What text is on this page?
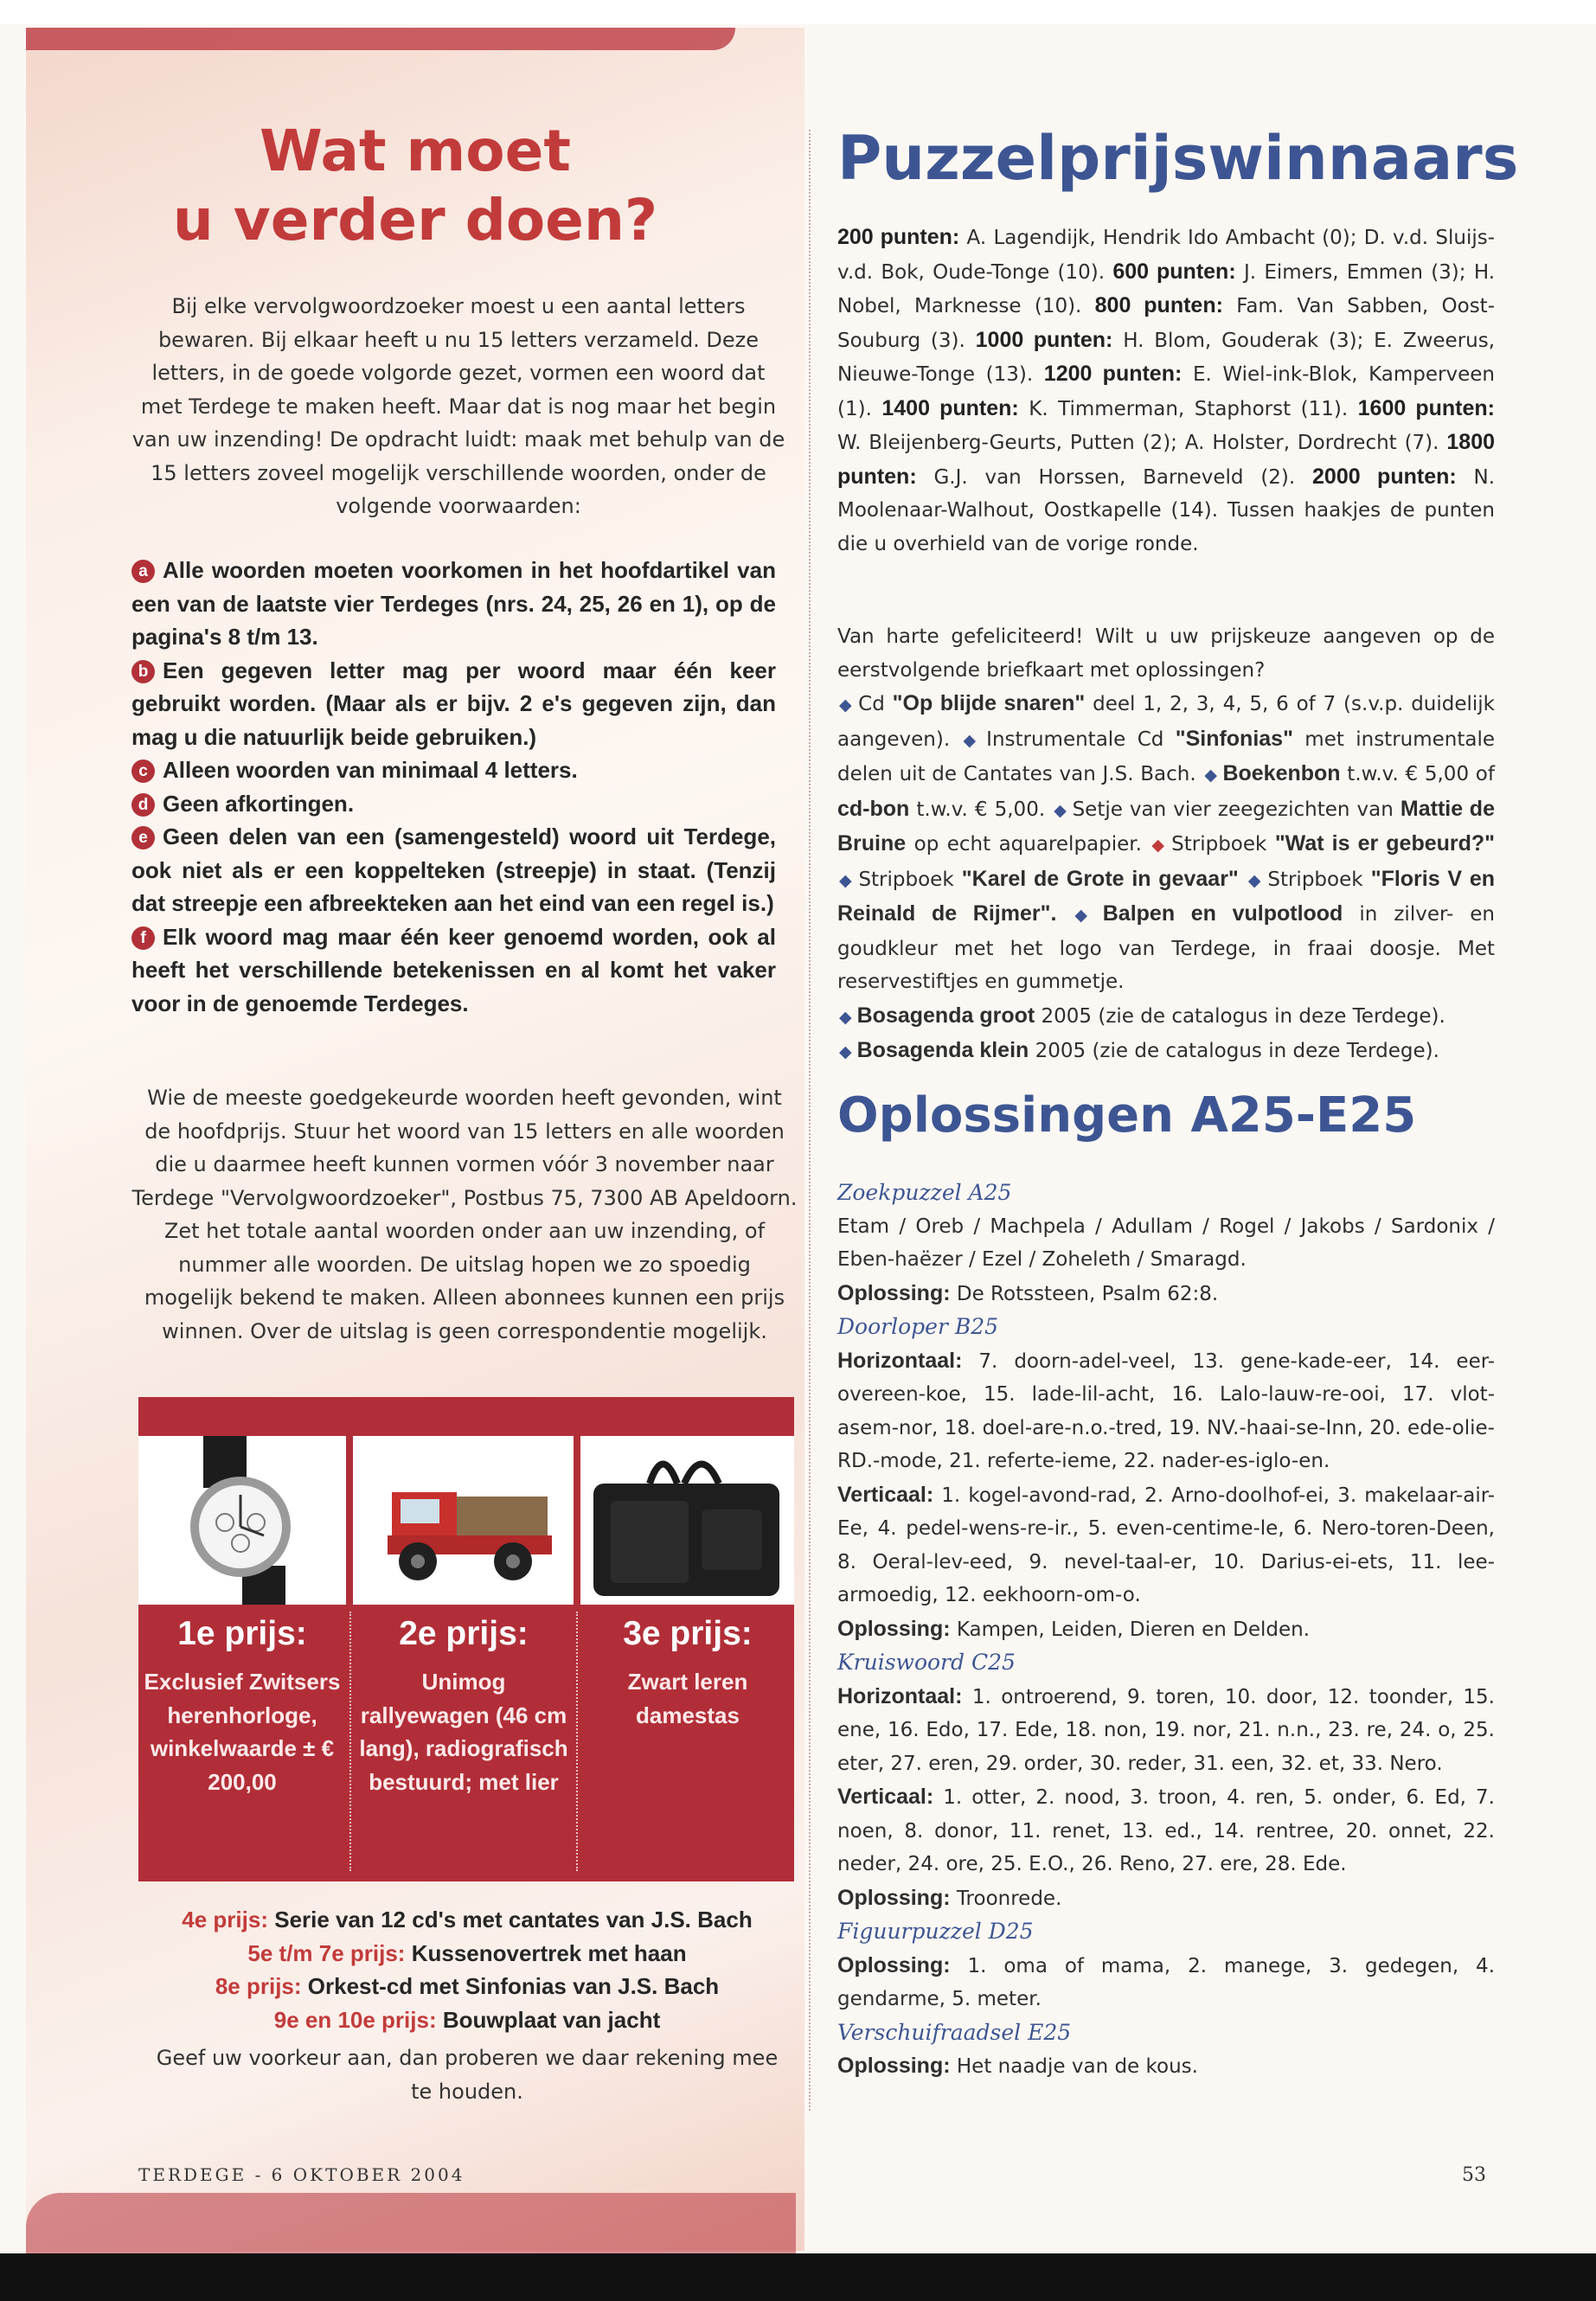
Wat moet
u verder doen?
Bij elke vervolgwoordzoeker moest u een aantal letters bewaren. Bij elkaar heeft u nu 15 letters verzameld. Deze letters, in de goede volgorde gezet, vormen een woord dat met Terdege te maken heeft. Maar dat is nog maar het begin van uw inzending! De opdracht luidt: maak met behulp van de 15 letters zoveel mogelijk verschillende woorden, onder de volgende voorwaarden:

a Alle woorden moeten voorkomen in het hoofdartikel van een van de laatste vier Terdeges (nrs. 24, 25, 26 en 1), op de pagina's 8 t/m 13.

b Een gegeven letter mag per woord maar één keer gebruikt worden. (Maar als er bijv. 2 e's gegeven zijn, dan mag u die natuurlijk beide gebruiken.)

c Alleen woorden van minimaal 4 letters.

d Geen afkortingen.

e Geen delen van een (samengesteld) woord uit Terdege, ook niet als er een koppelteken (streepje) in staat. (Tenzij dat streepje een afbreekteken aan het eind van een regel is.)

f Elk woord mag maar één keer genoemd worden, ook al heeft het verschillende betekenissen en al komt het vaker voor in de genoemde Terdeges.

Wie de meeste goedgekeurde woorden heeft gevonden, wint de hoofdprijs. Stuur het woord van 15 letters en alle woorden die u daarmee heeft kunnen vormen vóór 3 november naar Terdege "Vervolgwoordzoeker", Postbus 75, 7300 AB Apeldoorn. Zet het totale aantal woorden onder aan uw inzending, of nummer alle woorden. De uitslag hopen we zo spoedig mogelijk bekend te maken. Alleen abonnees kunnen een prijs winnen. Over de uitslag is geen correspondentie mogelijk.
1e prijs:
Exclusief Zwitsers herenhorloge, winkelwaarde ± € 200,00
2e prijs:
Unimog rallyewagen (46 cm lang), radiografisch bestuurd; met lier
3e prijs:
Zwart leren damestas
4e prijs: Serie van 12 cd's met cantates van J.S. Bach
5e t/m 7e prijs: Kussenovertrek met haan
8e prijs: Orkest-cd met Sinfonias van J.S. Bach
9e en 10e prijs: Bouwplaat van jacht
Geef uw voorkeur aan, dan proberen we daar rekening mee te houden.
Puzzelprijswinnaars
200 punten: A. Lagendijk, Hendrik Ido Ambacht (0); D. v.d. Sluijs-v.d. Bok, Oude-Tonge (10). 600 punten: J. Eimers, Emmen (3); H. Nobel, Marknesse (10). 800 punten: Fam. Van Sabben, Oost-Souburg (3). 1000 punten: H. Blom, Gouderak (3); E. Zweerus, Nieuwe-Tonge (13). 1200 punten: E. Wiel-ink-Blok, Kamperveen (1). 1400 punten: K. Timmerman, Staphorst (11). 1600 punten: W. Bleijenberg-Geurts, Putten (2); A. Holster, Dordrecht (7). 1800 punten: G.J. van Horssen, Barneveld (2). 2000 punten: N. Moolenaar-Walhout, Oostkapelle (14). Tussen haakjes de punten die u overhield van de vorige ronde.

Van harte gefeliciteerd! Wilt u uw prijskeuze aangeven op de eerstvolgende briefkaart met oplossingen?

◆ Cd "Op blijde snaren" deel 1, 2, 3, 4, 5, 6 of 7 (s.v.p. duidelijk aangeven). ◆ Instrumentale Cd "Sinfonias" met instrumentale delen uit de Cantates van J.S. Bach. ◆ Boekenbon t.w.v. € 5,00 of cd-bon t.w.v. € 5,00. ◆ Setje van vier zeegezichten van Mattie de Bruine op echt aquarelpapier. ◆ Stripboek "Wat is er gebeurd?" ◆ Stripboek "Karel de Grote in gevaar" ◆ Stripboek "Floris V en Reinald de Rijmer". ◆ Balpen en vulpotlood in zilver- en goudkleur met het logo van Terdege, in fraai doosje. Met reservestiftjes en gummetje.

◆ Bosagenda groot 2005 (zie de catalogus in deze Terdege).

◆ Bosagenda klein 2005 (zie de catalogus in deze Terdege).

Oplossingen A25-E25

Zoekpuzzel A25

Etam / Oreb / Machpela / Adullam / Rogel / Jakobs / Sardonix / Eben-haëzer / Ezel / Zoheleth / Smaragd.

Oplossing: De Rotssteen, Psalm 62:8.

Doorloper B25

Horizontaal: 7. doorn-adel-veel, 13. gene-kade-eer, 14. eer-overeen-koe, 15. lade-lil-acht, 16. Lalo-lauw-re-ooi, 17. vlot-asem-nor, 18. doel-are-n.o.-tred, 19. NV.-haai-se-Inn, 20. ede-olie-RD.-mode, 21. referte-ieme, 22. nader-es-iglo-en.

Verticaal: 1. kogel-avond-rad, 2. Arno-doolhof-ei, 3. makelaar-air-Ee, 4. pedel-wens-re-ir., 5. even-centime-le, 6. Nero-toren-Deen, 8. Oeral-lev-eed, 9. nevel-taal-er, 10. Darius-ei-ets, 11. lee-armoedig, 12. eekhoorn-om-o.

Oplossing: Kampen, Leiden, Dieren en Delden.

Kruiswoord C25

Horizontaal: 1. ontroerend, 9. toren, 10. door, 12. toonder, 15. ene, 16. Edo, 17. Ede, 18. non, 19. nor, 21. n.n., 23. re, 24. o, 25. eter, 27. eren, 29. order, 30. reder, 31. een, 32. et, 33. Nero.

Verticaal: 1. otter, 2. nood, 3. troon, 4. ren, 5. onder, 6. Ed, 7. noen, 8. donor, 11. renet, 13. ed., 14. rentree, 20. onnet, 22. neder, 24. ore, 25. E.O., 26. Reno, 27. ere, 28. Ede.

Oplossing: Troonrede.

Figuurpuzzel D25

Oplossing: 1. oma of mama, 2. manege, 3. gedegen, 4. gendarme, 5. meter.

Verschuifraadsel E25

Oplossing: Het naadje van de kous.

TERDEGE - 6 OKTOBER 2004	53
